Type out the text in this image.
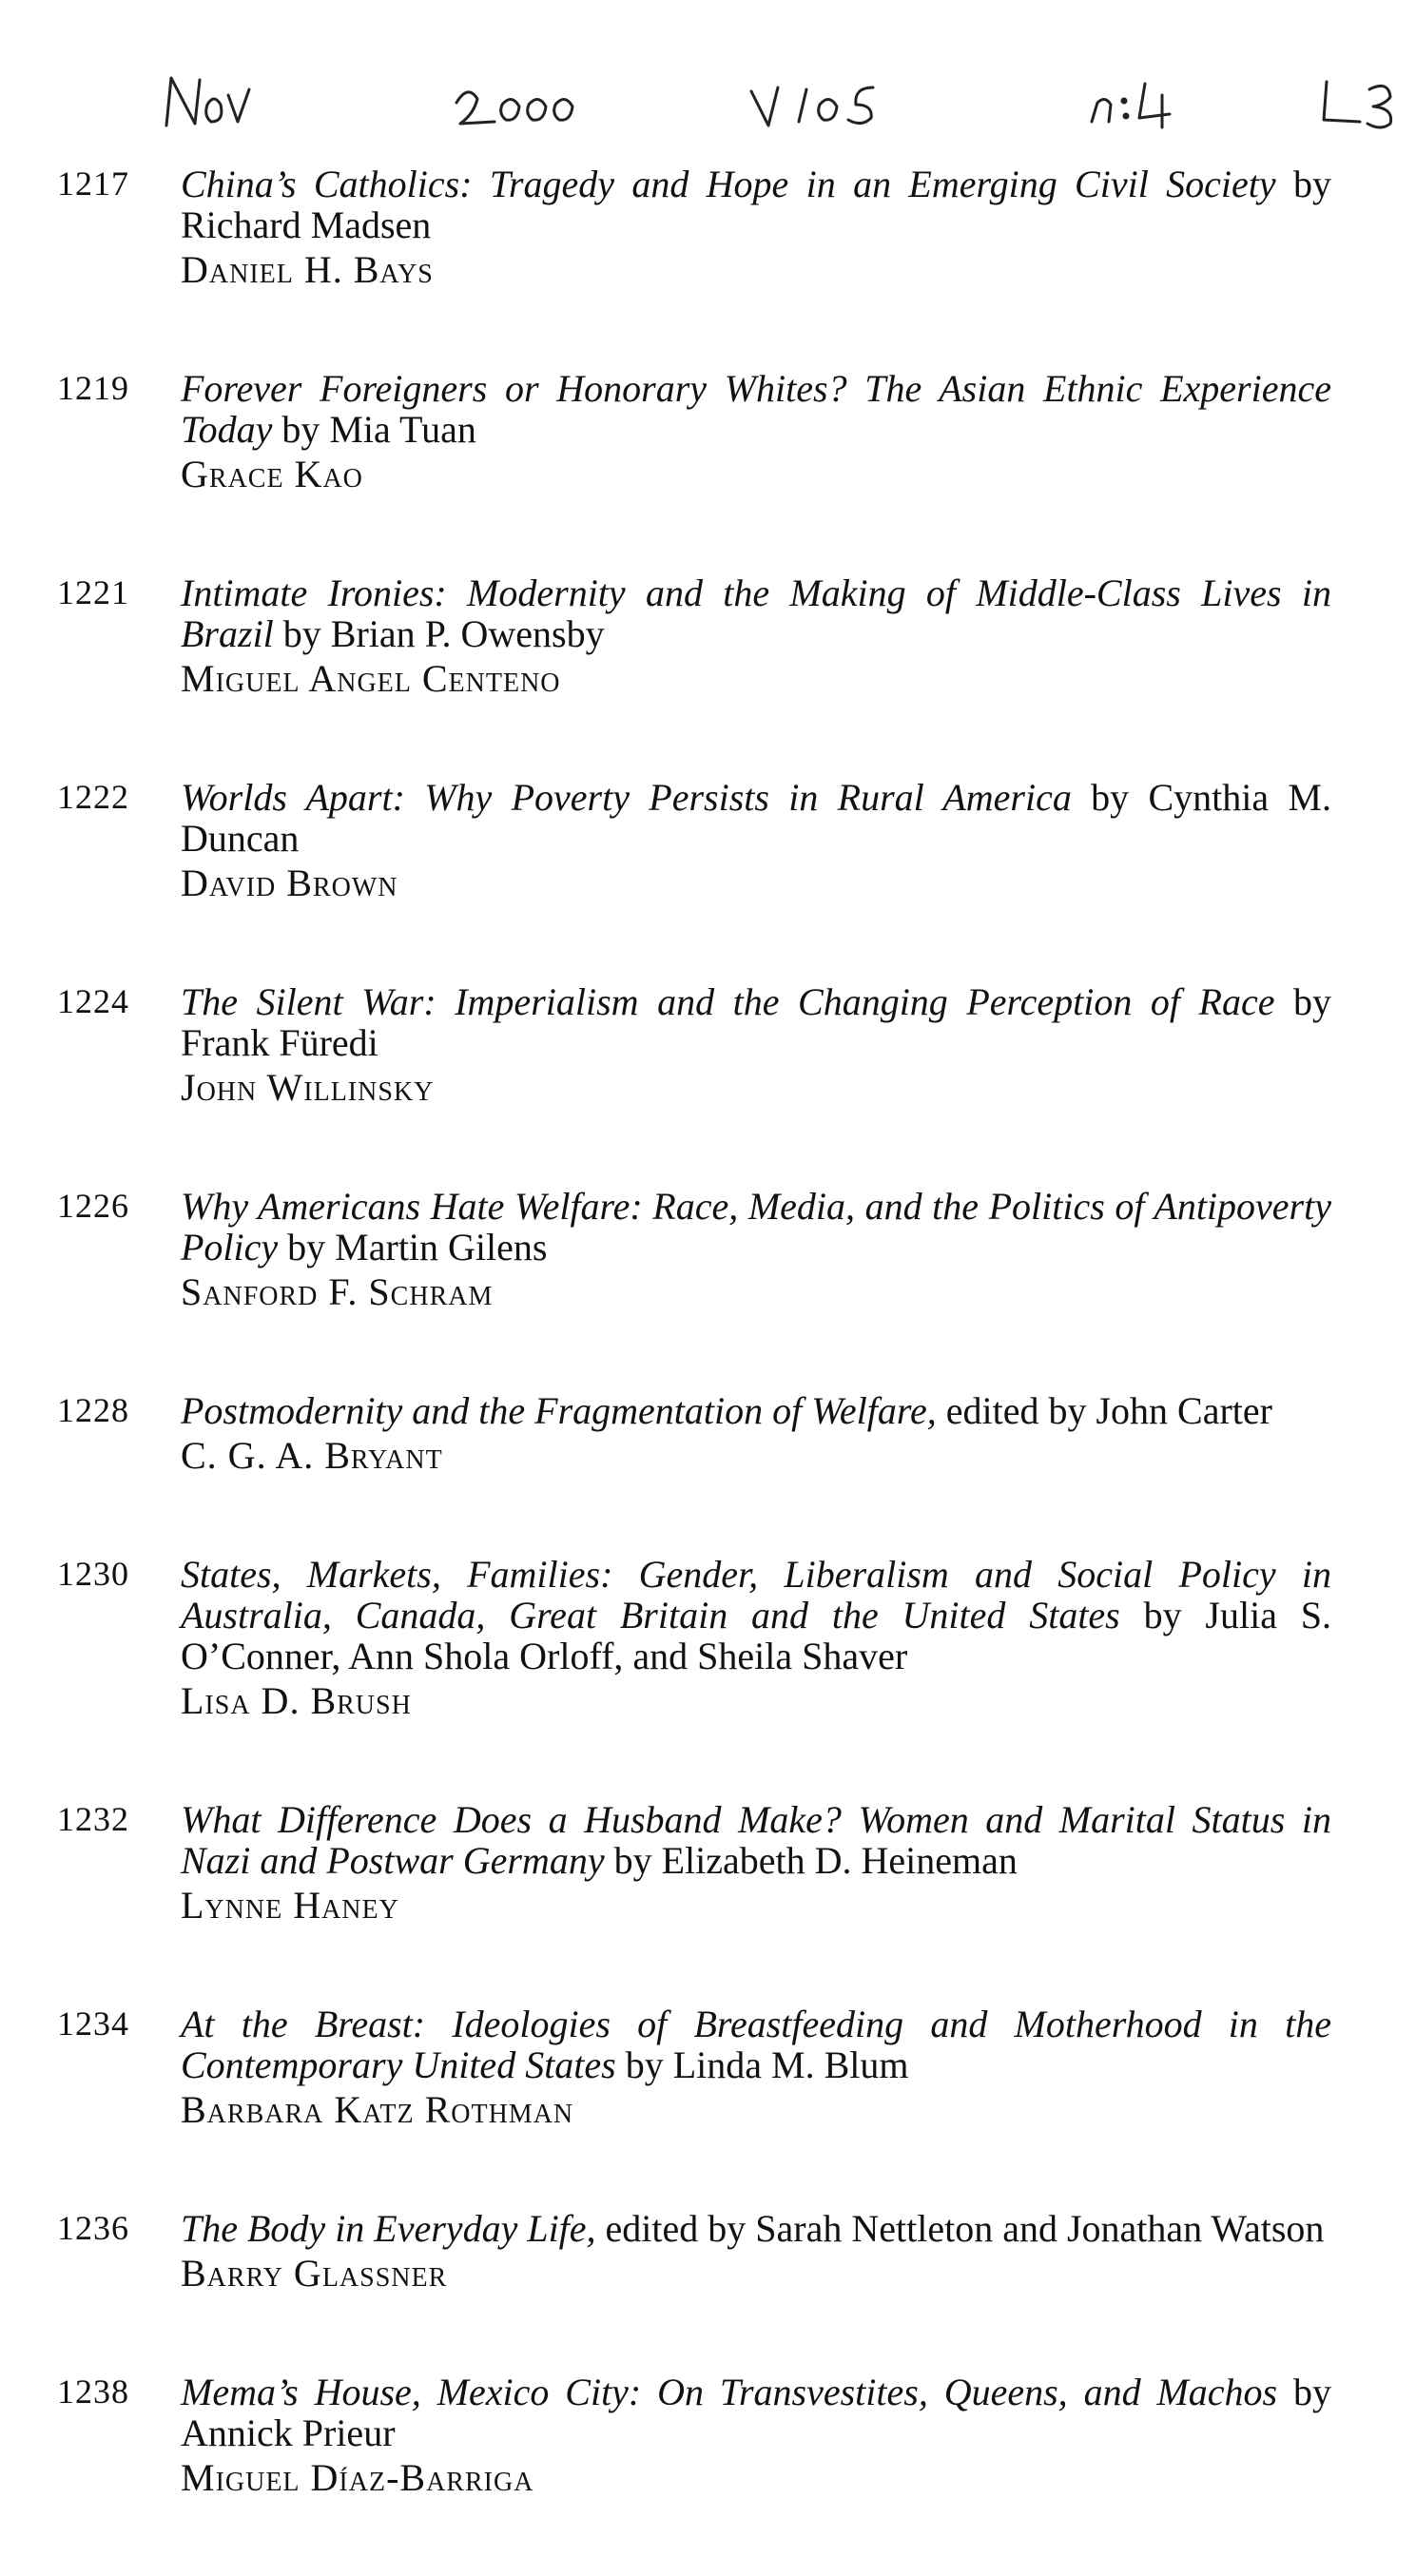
1217	China’s Catholics: Tragedy and Hope in an Emerging Civil Society by Richard Madsen
Daniel H. Bays
1219	Forever Foreigners or Honorary Whites? The Asian Ethnic Experience Today by Mia Tuan
Grace Kao
1221	Intimate Ironies: Modernity and the Making of Middle-Class Lives in Brazil by Brian P. Owensby
Miguel Angel Centeno
1222	Worlds Apart: Why Poverty Persists in Rural America by Cynthia M. Duncan
David Brown
1224	The Silent War: Imperialism and the Changing Perception of Race by Frank Füredi
John Willinsky
1226	Why Americans Hate Welfare: Race, Media, and the Politics of Antipoverty Policy by Martin Gilens
Sanford F. Schram
1228	Postmodernity and the Fragmentation of Welfare, edited by John Carter
C. G. A. Bryant
1230	States, Markets, Families: Gender, Liberalism and Social Policy in Australia, Canada, Great Britain and the United States by Julia S. O’Conner, Ann Shola Orloff, and Sheila Shaver
Lisa D. Brush
1232	What Difference Does a Husband Make? Women and Marital Status in Nazi and Postwar Germany by Elizabeth D. Heineman
Lynne Haney
1234	At the Breast: Ideologies of Breastfeeding and Motherhood in the Contemporary United States by Linda M. Blum
Barbara Katz Rothman
1236	The Body in Everyday Life, edited by Sarah Nettleton and Jonathan Watson
Barry Glassner
1238	Mema’s House, Mexico City: On Transvestites, Queens, and Machos by Annick Prieur
Miguel Díaz-Barriga
